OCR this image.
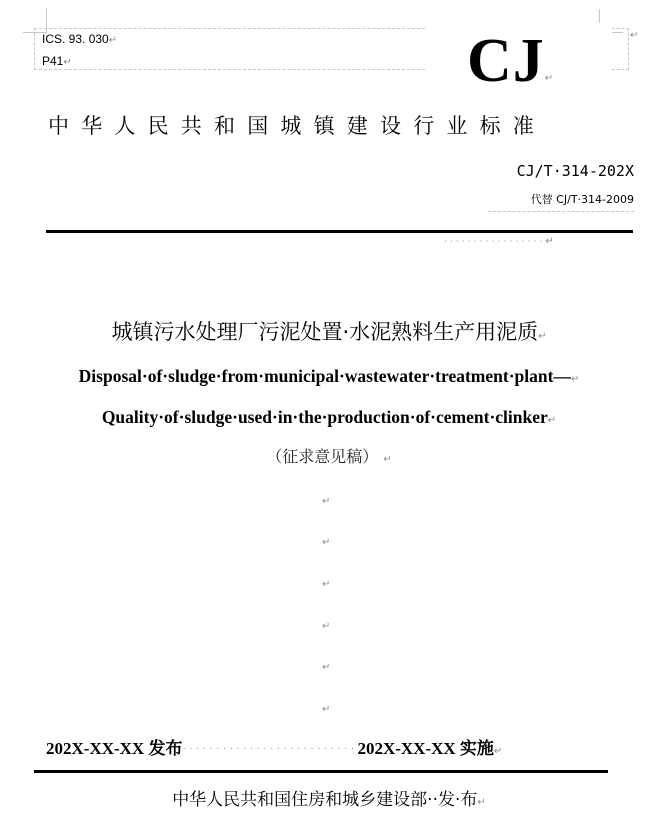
↵
ICS. 93. 030↵
P41↵	CJ↵
中华人民共和国城镇建设行业标准
CJ/T·314-202X
代替 CJ/T·314-2009
·················↵
城镇污水处理厂污泥处置·水泥熟料生产用泥质↵
Disposal·of·sludge·from·municipal·wastewater·treatment·plant—↵
Quality·of·sludge·used·in·the·production·of·cement·clinker↵
（征求意见稿） ↵
↵
↵
↵
↵
↵
↵
202X-XX-XX 发布··························202X-XX-XX 实施↵
中华人民共和国住房和城乡建设部··发·布↵
